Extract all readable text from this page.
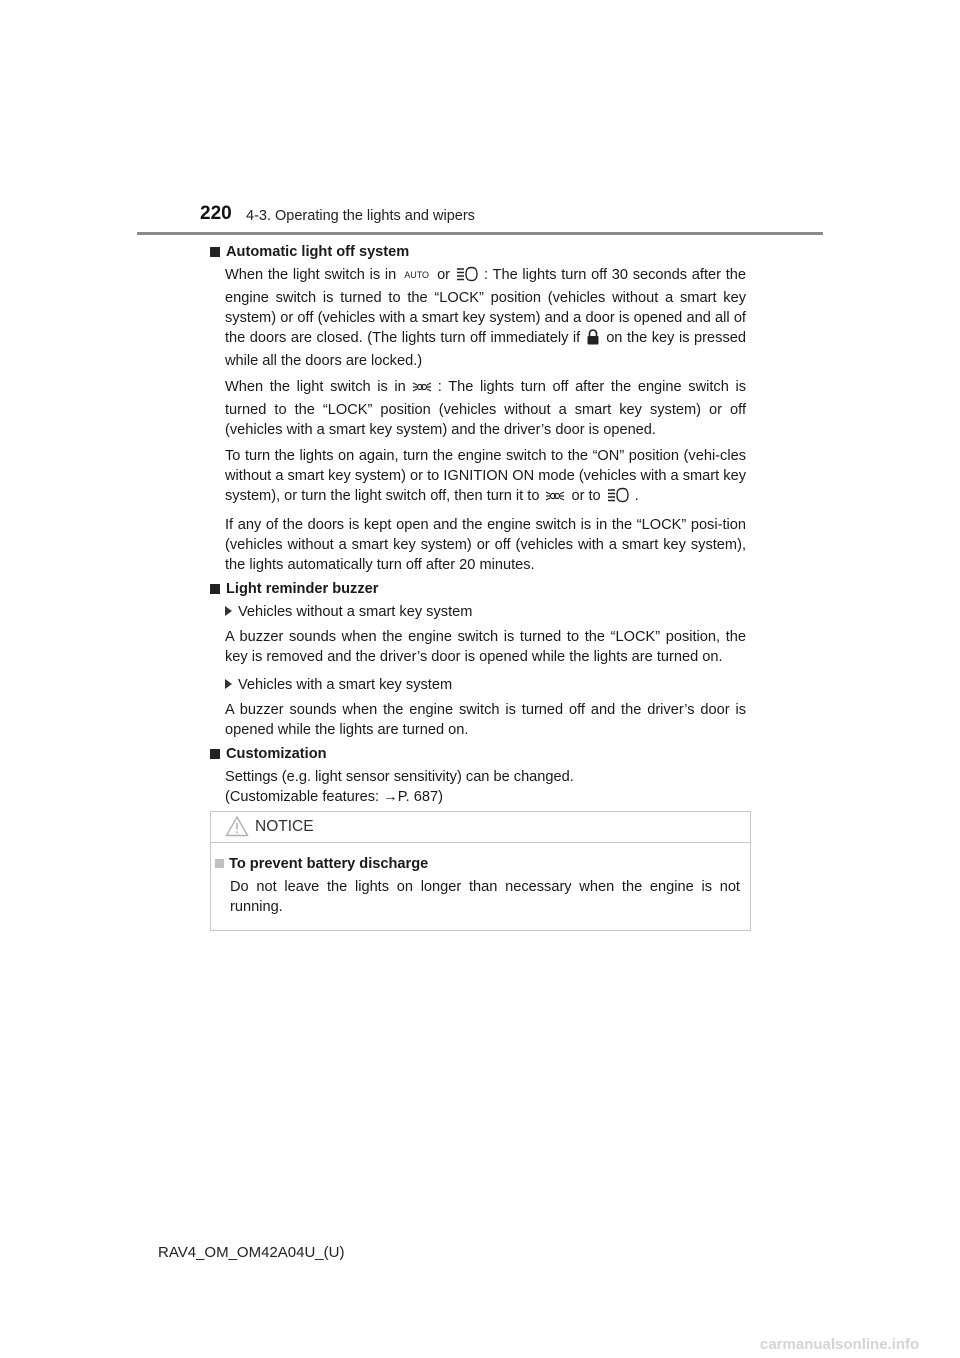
220 4-3. Operating the lights and wipers
Automatic light off system
When the light switch is in AUTO or : The lights turn off 30 seconds after the engine switch is turned to the “LOCK” position (vehicles without a smart key system) or off (vehicles with a smart key system) and a door is opened and all of the doors are closed. (The lights turn off immediately if on the key is pressed while all the doors are locked.)
When the light switch is in : The lights turn off after the engine switch is turned to the “LOCK” position (vehicles without a smart key system) or off (vehicles with a smart key system) and the driver’s door is opened.
To turn the lights on again, turn the engine switch to the “ON” position (vehi-cles without a smart key system) or to IGNITION ON mode (vehicles with a smart key system), or turn the light switch off, then turn it to or to .
If any of the doors is kept open and the engine switch is in the “LOCK” posi-tion (vehicles without a smart key system) or off (vehicles with a smart key system), the lights automatically turn off after 20 minutes.
Light reminder buzzer
Vehicles without a smart key system
A buzzer sounds when the engine switch is turned to the “LOCK” position, the key is removed and the driver’s door is opened while the lights are turned on.
Vehicles with a smart key system
A buzzer sounds when the engine switch is turned off and the driver’s door is opened while the lights are turned on.
Customization
Settings (e.g. light sensor sensitivity) can be changed.
(Customizable features: →P. 687)
NOTICE
To prevent battery discharge
Do not leave the lights on longer than necessary when the engine is not running.
RAV4_OM_OM42A04U_(U)
carmanualsonline.info
